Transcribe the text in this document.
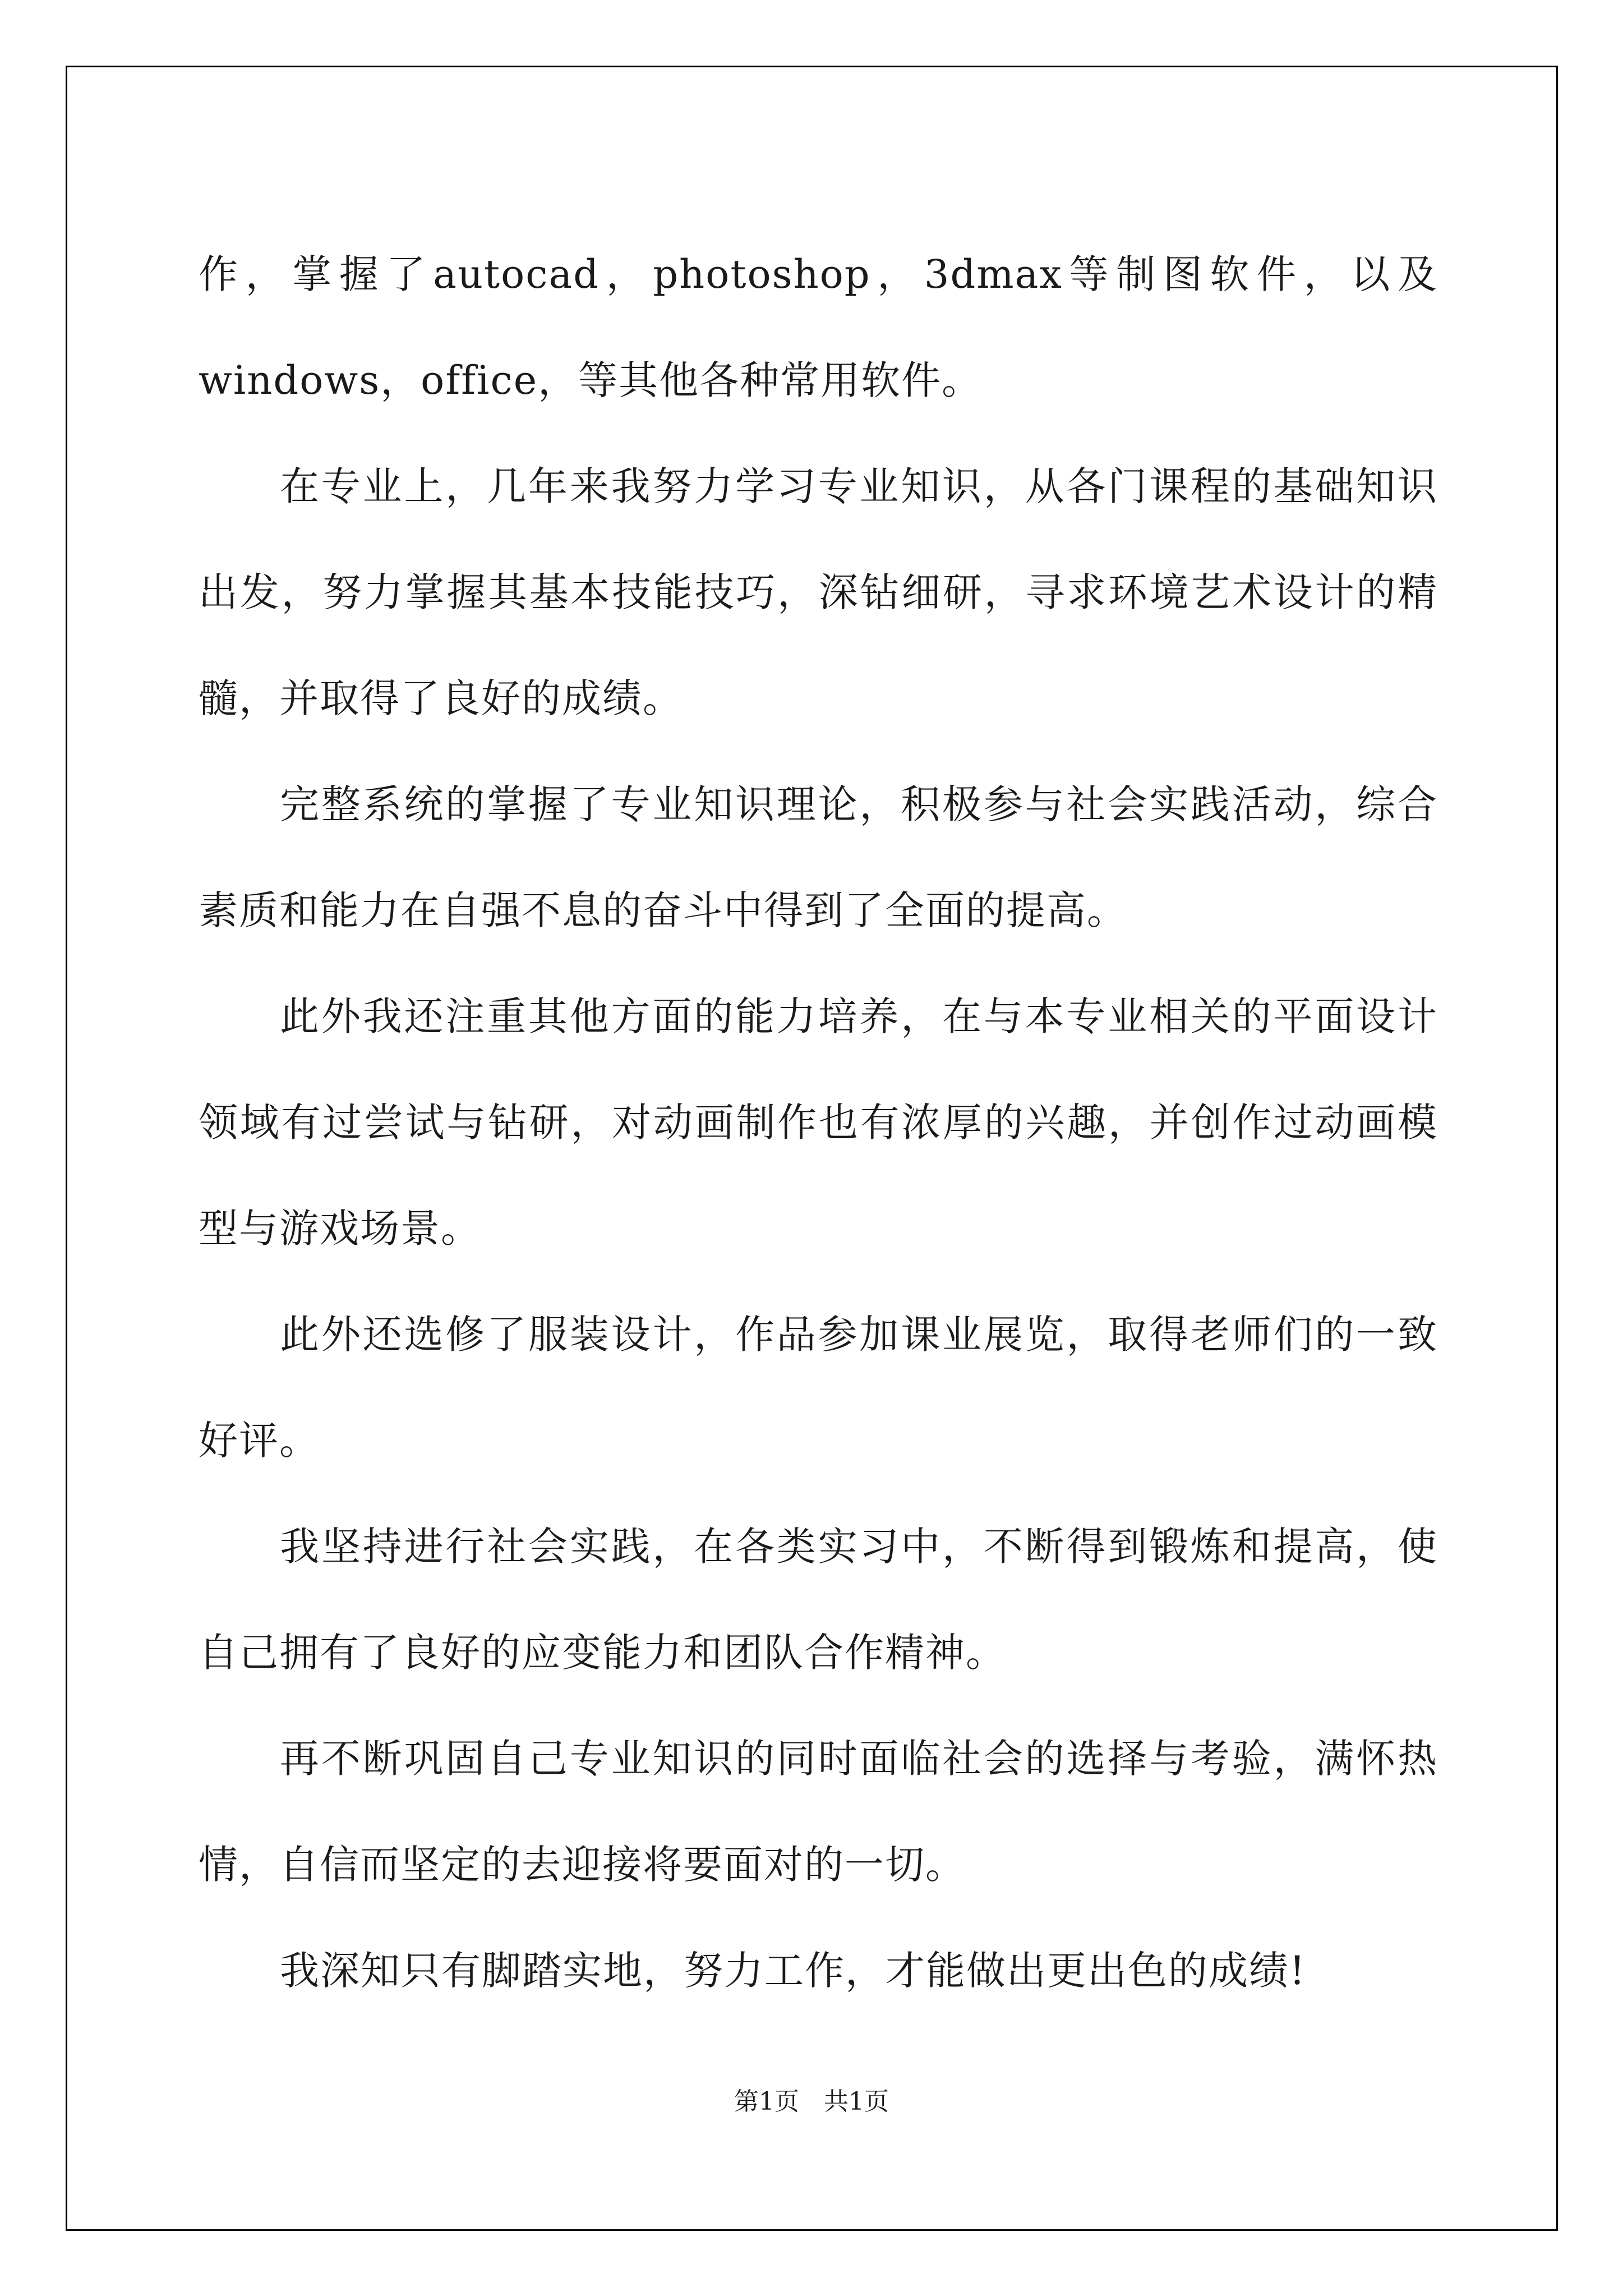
作，掌握了autocad，photoshop，3dmax等制图软件，以及windows，office，等其他各种常用软件。

在专业上，几年来我努力学习专业知识，从各门课程的基础知识出发，努力掌握其基本技能技巧，深钻细研，寻求环境艺术设计的精髓，并取得了良好的成绩。

完整系统的掌握了专业知识理论，积极参与社会实践活动，综合素质和能力在自强不息的奋斗中得到了全面的提高。

此外我还注重其他方面的能力培养，在与本专业相关的平面设计领域有过尝试与钻研，对动画制作也有浓厚的兴趣，并创作过动画模型与游戏场景。

此外还选修了服装设计，作品参加课业展览，取得老师们的一致好评。

我坚持进行社会实践，在各类实习中，不断得到锻炼和提高，使自己拥有了良好的应变能力和团队合作精神。

再不断巩固自己专业知识的同时面临社会的选择与考验，满怀热情，自信而坚定的去迎接将要面对的一切。

我深知只有脚踏实地，努力工作，才能做出更出色的成绩!

第1页 共1页
